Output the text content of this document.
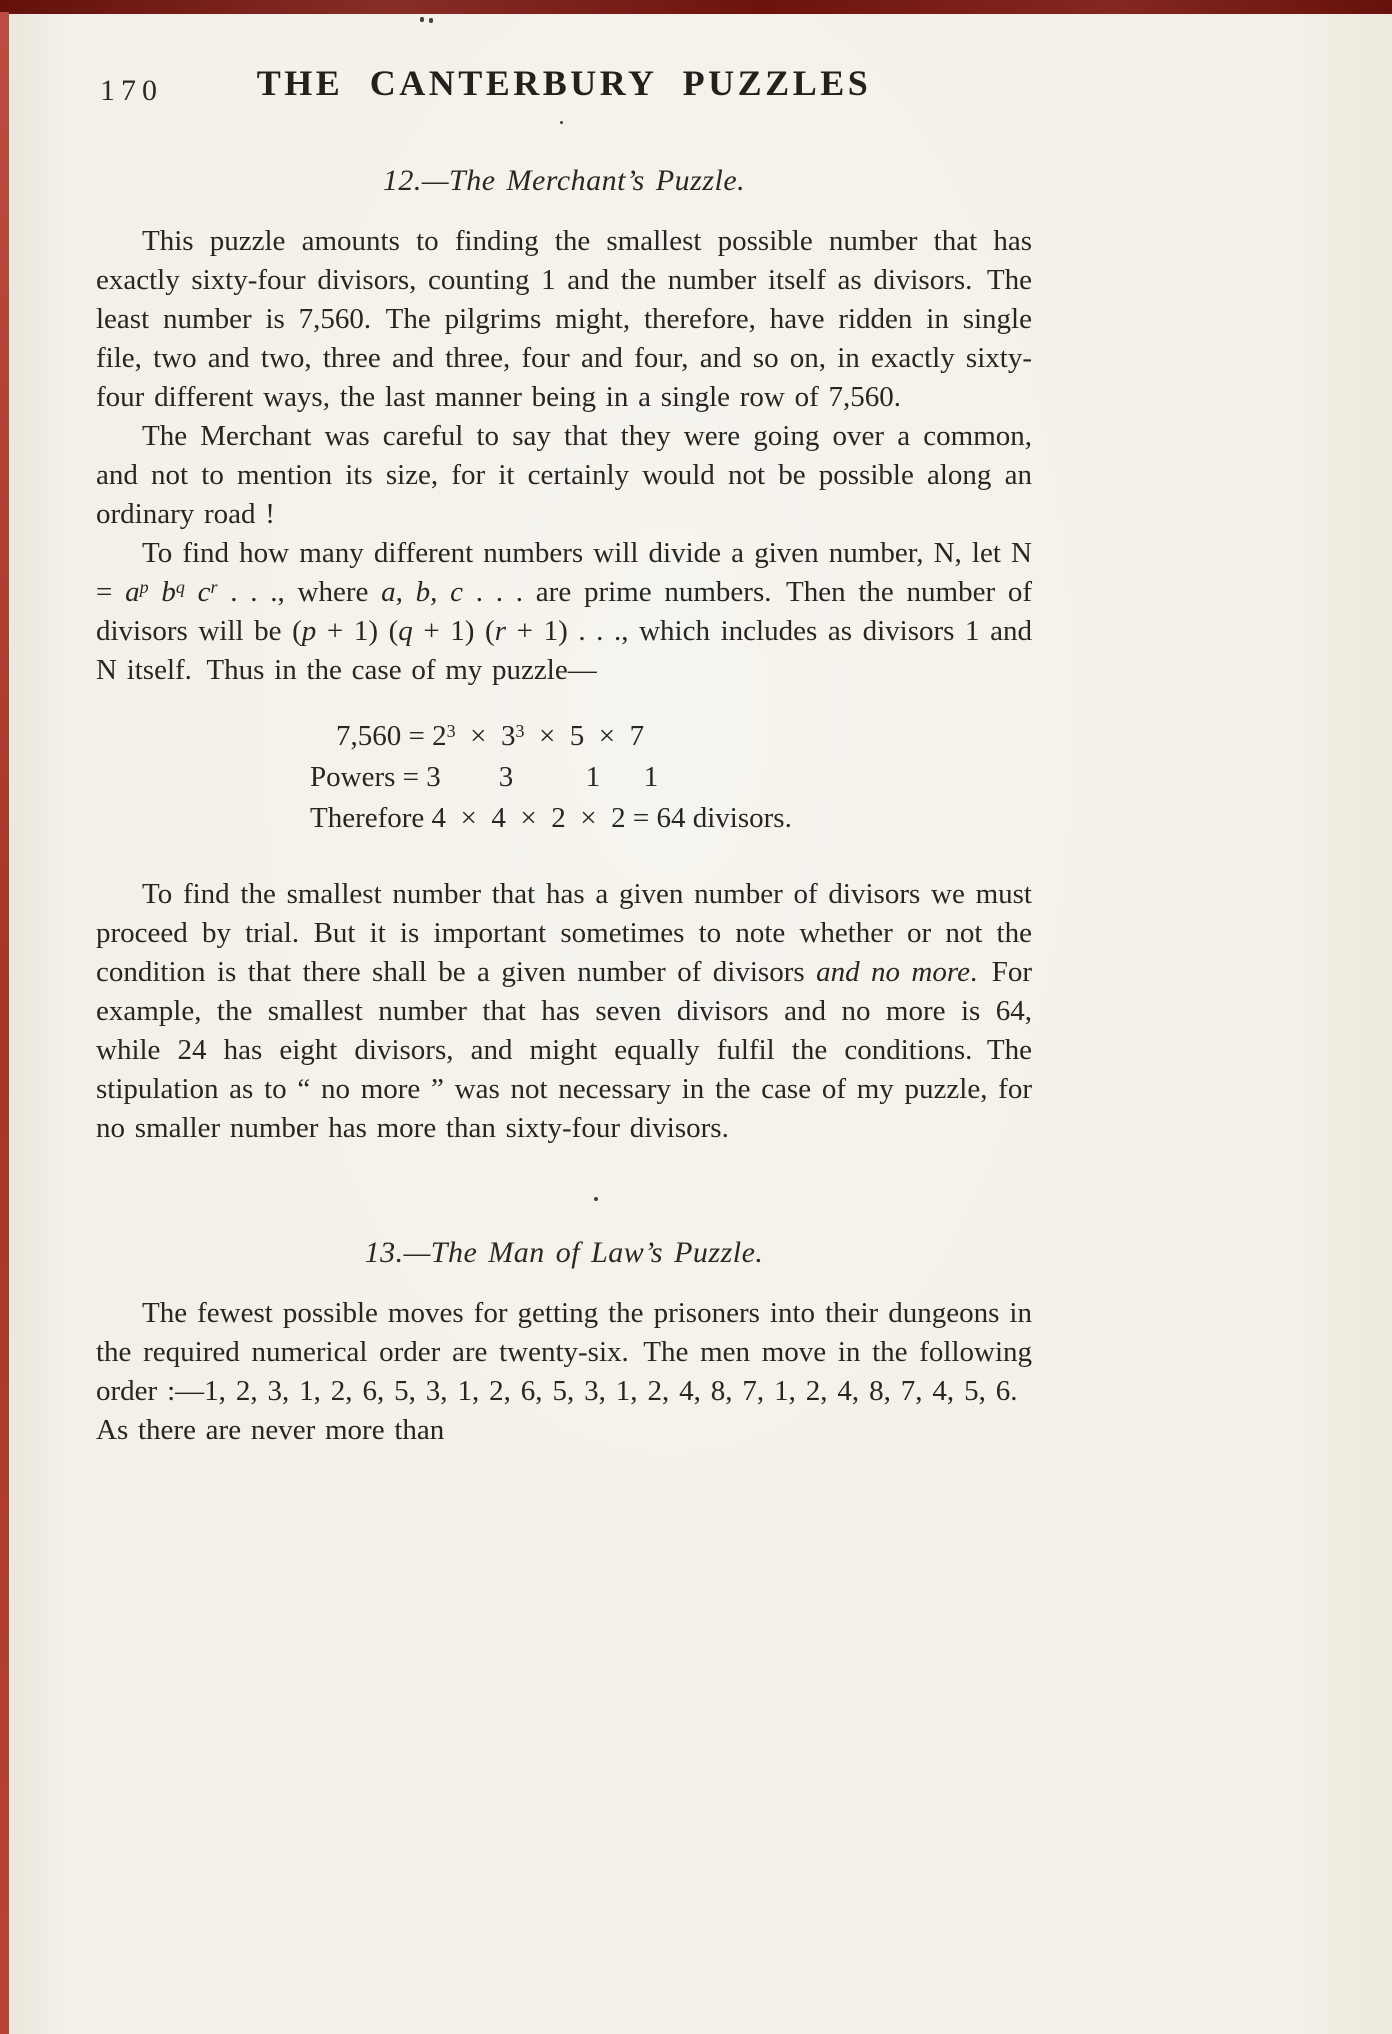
170	THE CANTERBURY PUZZLES
12.—The Merchant’s Puzzle.

This puzzle amounts to finding the smallest possible number that has exactly sixty-four divisors, counting 1 and the number itself as divisors. The least number is 7,560. The pilgrims might, therefore, have ridden in single file, two and two, three and three, four and four, and so on, in exactly sixty-four different ways, the last manner being in a single row of 7,560.

The Merchant was careful to say that they were going over a common, and not to mention its size, for it certainly would not be possible along an ordinary road !

To find how many different numbers will divide a given number, N, let $N = a^p$ $b^q$ $c^r$ . . ., where a, b, c . . . are prime numbers. Then the number of divisors will be (p + 1) (q + 1) (r + 1) . . ., which includes as divisors 1 and N itself. Thus in the case of my puzzle—

$7,560 = 2^3 \times 3^3 \times 5 \times 7$
Powers = 3        3          1      1
Therefore 4  ×  4  ×  2  ×  2 = 64 divisors.

To find the smallest number that has a given number of divisors we must proceed by trial. But it is important sometimes to note whether or not the condition is that there shall be a given number of divisors and no more. For example, the smallest number that has seven divisors and no more is 64, while 24 has eight divisors, and might equally fulfil the conditions. The stipulation as to “ no more ” was not necessary in the case of my puzzle, for no smaller number has more than sixty-four divisors.

13.—The Man of Law’s Puzzle.

The fewest possible moves for getting the prisoners into their dungeons in the required numerical order are twenty-six. The men move in the following order :—1, 2, 3, 1, 2, 6, 5, 3, 1, 2, 6, 5, 3, 1, 2, 4, 8, 7, 1, 2, 4, 8, 7, 4, 5, 6. As there are never more than
